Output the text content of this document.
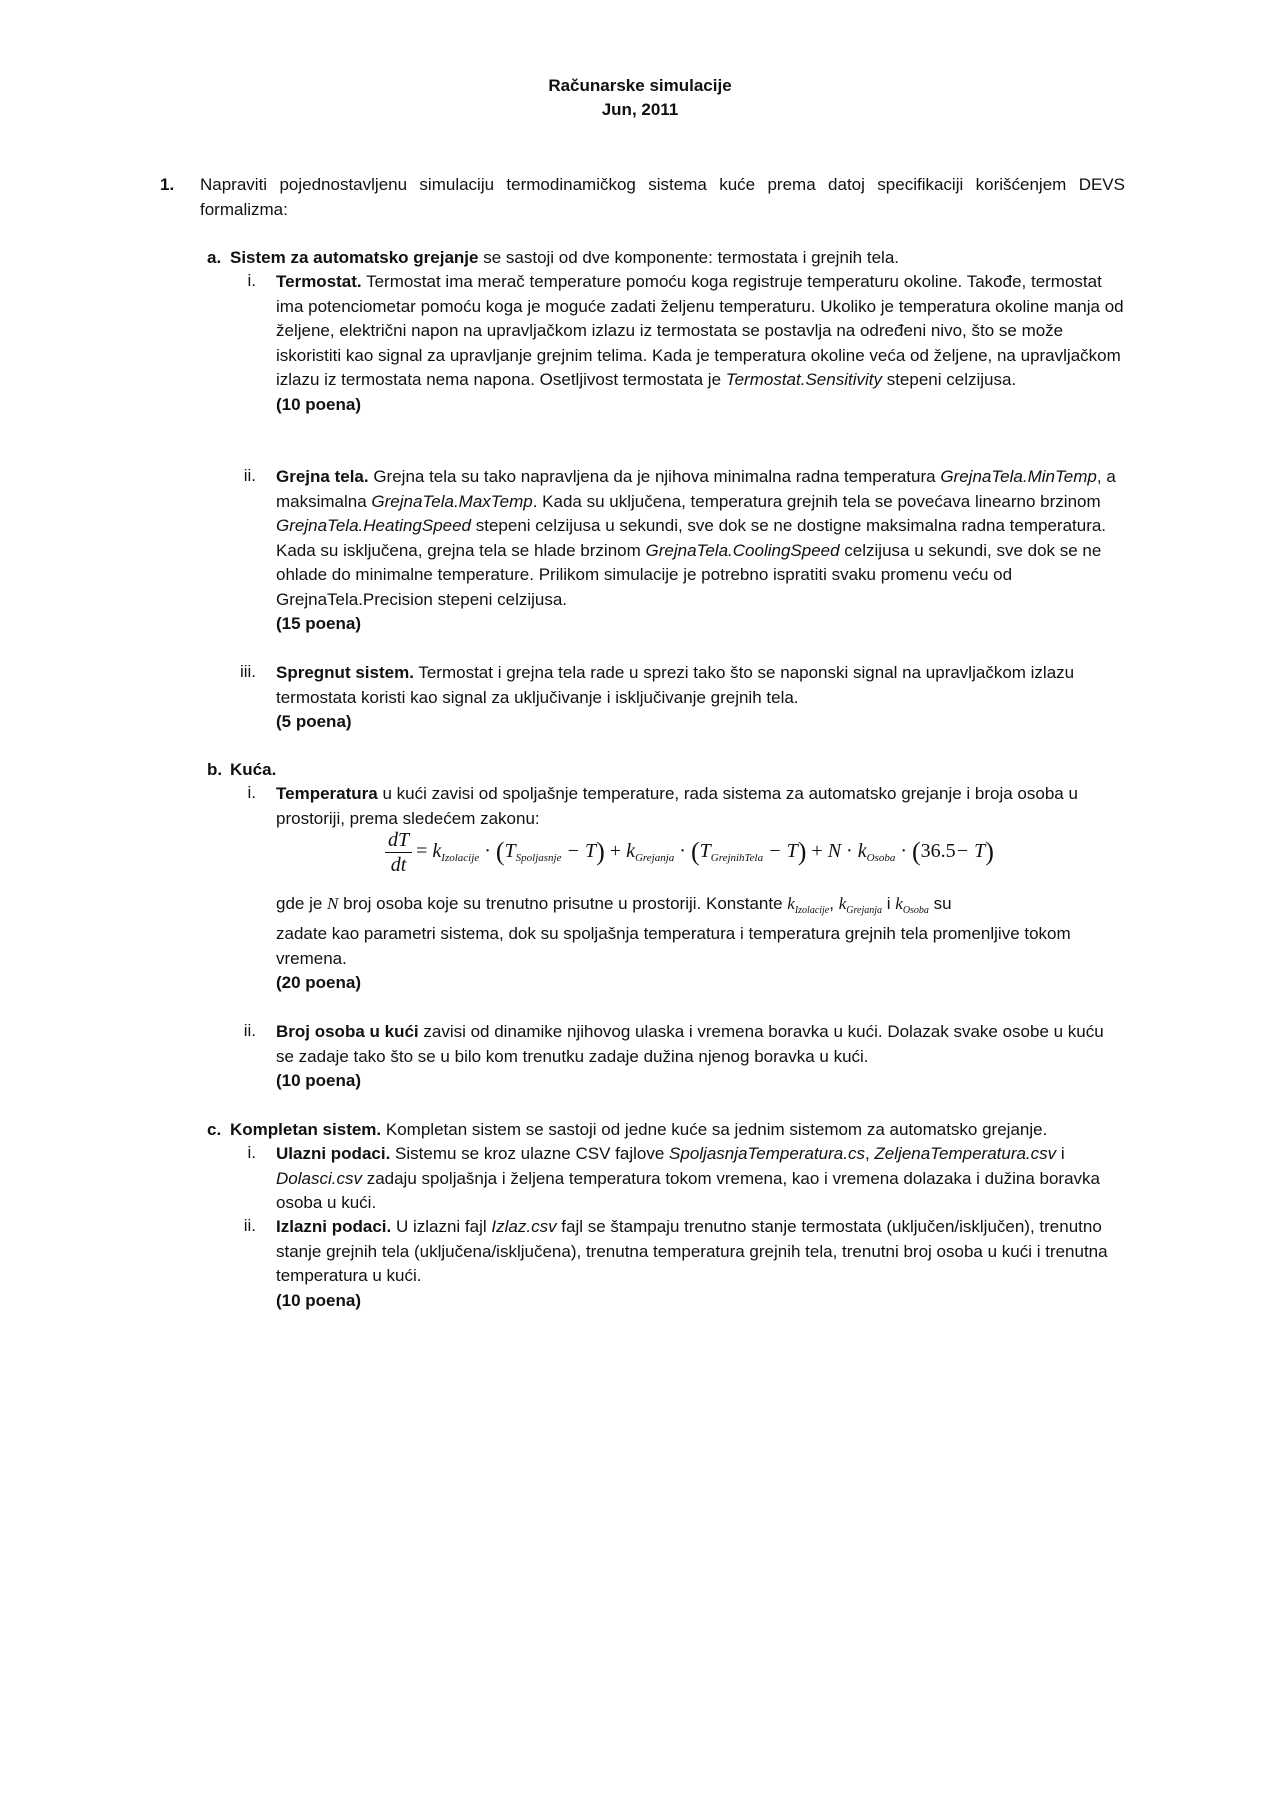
Računarske simulacije
Jun, 2011
1. Napraviti pojednostavljenu simulaciju termodinamičkog sistema kuće prema datoj specifikaciji korišćenjem DEVS formalizma:
a. Sistem za automatsko grejanje se sastoji od dve komponente: termostata i grejnih tela.
i. Termostat. Termostat ima merač temperature pomoću koga registruje temperaturu okoline. Takođe, termostat ima potenciometar pomoću koga je moguće zadati željenu temperaturu. Ukoliko je temperatura okoline manja od željene, električni napon na upravljačkom izlazu iz termostata se postavlja na određeni nivo, što se može iskoristiti kao signal za upravljanje grejnim telima. Kada je temperatura okoline veća od željene, na upravljačkom izlazu iz termostata nema napona. Osetljivost termostata je Termostat.Sensitivity stepeni celzijusa.
(10 poena)
ii. Grejna tela. Grejna tela su tako napravljena da je njihova minimalna radna temperatura GrejnaTela.MinTemp, a maksimalna GrejnaTela.MaxTemp. Kada su uključena, temperatura grejnih tela se povećava linearno brzinom GrejnaTela.HeatingSpeed stepeni celzijusa u sekundi, sve dok se ne dostigne maksimalna radna temperatura. Kada su isključena, grejna tela se hlade brzinom GrejnaTela.CoolingSpeed celzijusa u sekundi, sve dok se ne ohlade do minimalne temperature. Prilikom simulacije je potrebno ispratiti svaku promenu veću od GrejnaTela.Precision stepeni celzijusa.
(15 poena)
iii. Spregnut sistem. Termostat i grejna tela rade u sprezi tako što se naponski signal na upravljačkom izlazu termostata koristi kao signal za uključivanje i isključivanje grejnih tela.
(5 poena)
b. Kuća.
i. Temperatura u kući zavisi od spoljašnje temperature, rada sistema za automatsko grejanje i broja osoba u prostoriji, prema sledećem zakonu:
$\frac{dT}{dt} = k_{Izolacije} \cdot (T_{Spoljasnje} - T) + k_{Grejanja} \cdot (T_{GrejnihTela} - T) + N \cdot k_{Osoba} \cdot (36.5- T)$
gde je N broj osoba koje su trenutno prisutne u prostoriji. Konstante $k_{Izolacije}$, $k_{Grejanja}$ i $k_{Osoba}$ su
zadate kao parametri sistema, dok su spoljašnja temperatura i temperatura grejnih tela promenljive tokom vremena.
(20 poena)
ii. Broj osoba u kući zavisi od dinamike njihovog ulaska i vremena boravka u kući. Dolazak svake osobe u kuću se zadaje tako što se u bilo kom trenutku zadaje dužina njenog boravka u kući.
(10 poena)
c. Kompletan sistem. Kompletan sistem se sastoji od jedne kuće sa jednim sistemom za automatsko grejanje.
i. Ulazni podaci. Sistemu se kroz ulazne CSV fajlove SpoljasnjaTemperatura.cs, ZeljenaTemperatura.csv i Dolasci.csv zadaju spoljašnja i željena temperatura tokom vremena, kao i vremena dolazaka i dužina boravka osoba u kući.
ii. Izlazni podaci. U izlazni fajl Izlaz.csv fajl se štampaju trenutno stanje termostata (uključen/isključen), trenutno stanje grejnih tela (uključena/isključena), trenutna temperatura grejnih tela, trenutni broj osoba u kući i trenutna temperatura u kući.
(10 poena)
